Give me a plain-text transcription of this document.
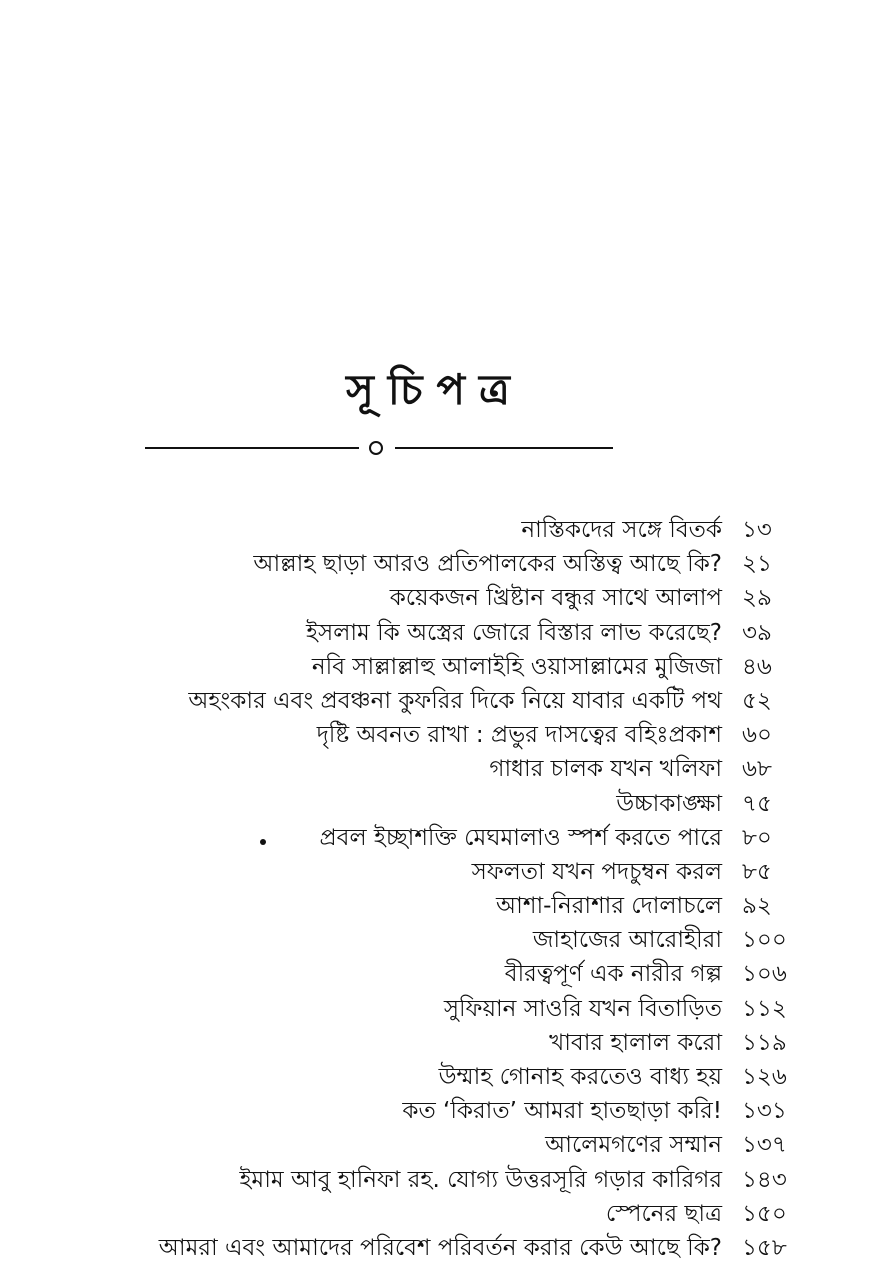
সূচিপত্র
নাস্তিকদের সঙ্গে বিতর্ক ১৩
আল্লাহ ছাড়া আরও প্রতিপালকের অস্তিত্ব আছে কি? ২১
কয়েকজন খ্রিষ্টান বন্ধুর সাথে আলাপ ২৯
ইসলাম কি অস্ত্রের জোরে বিস্তার লাভ করেছে? ৩৯
নবি সাল্লাল্লাহু আলাইহি ওয়াসাল্লামের মুজিজা ৪৬
অহংকার এবং প্রবঞ্চনা কুফরির দিকে নিয়ে যাবার একটি পথ ৫২
দৃষ্টি অবনত রাখা : প্রভুর দাসত্বের বহিঃপ্রকাশ ৬০
গাধার চালক যখন খলিফা ৬৮
উচ্চাকাঙ্ক্ষা ৭৫
প্রবল ইচ্ছাশক্তি মেঘমালাও স্পর্শ করতে পারে ৮০
সফলতা যখন পদচুম্বন করল ৮৫
আশা-নিরাশার দোলাচলে ৯২
জাহাজের আরোহীরা ১০০
বীরত্বপূর্ণ এক নারীর গল্প ১০৬
সুফিয়ান সাওরি যখন বিতাড়িত ১১২
খাবার হালাল করো ১১৯
উম্মাহ গোনাহ করতেও বাধ্য হয় ১২৬
কত ‘কিরাত’ আমরা হাতছাড়া করি! ১৩১
আলেমগণের সম্মান ১৩৭
ইমাম আবু হানিফা রহ. যোগ্য উত্তরসূরি গড়ার কারিগর ১৪৩
স্পেনের ছাত্র ১৫০
আমরা এবং আমাদের পরিবেশ পরিবর্তন করার কেউ আছে কি? ১৫৮
